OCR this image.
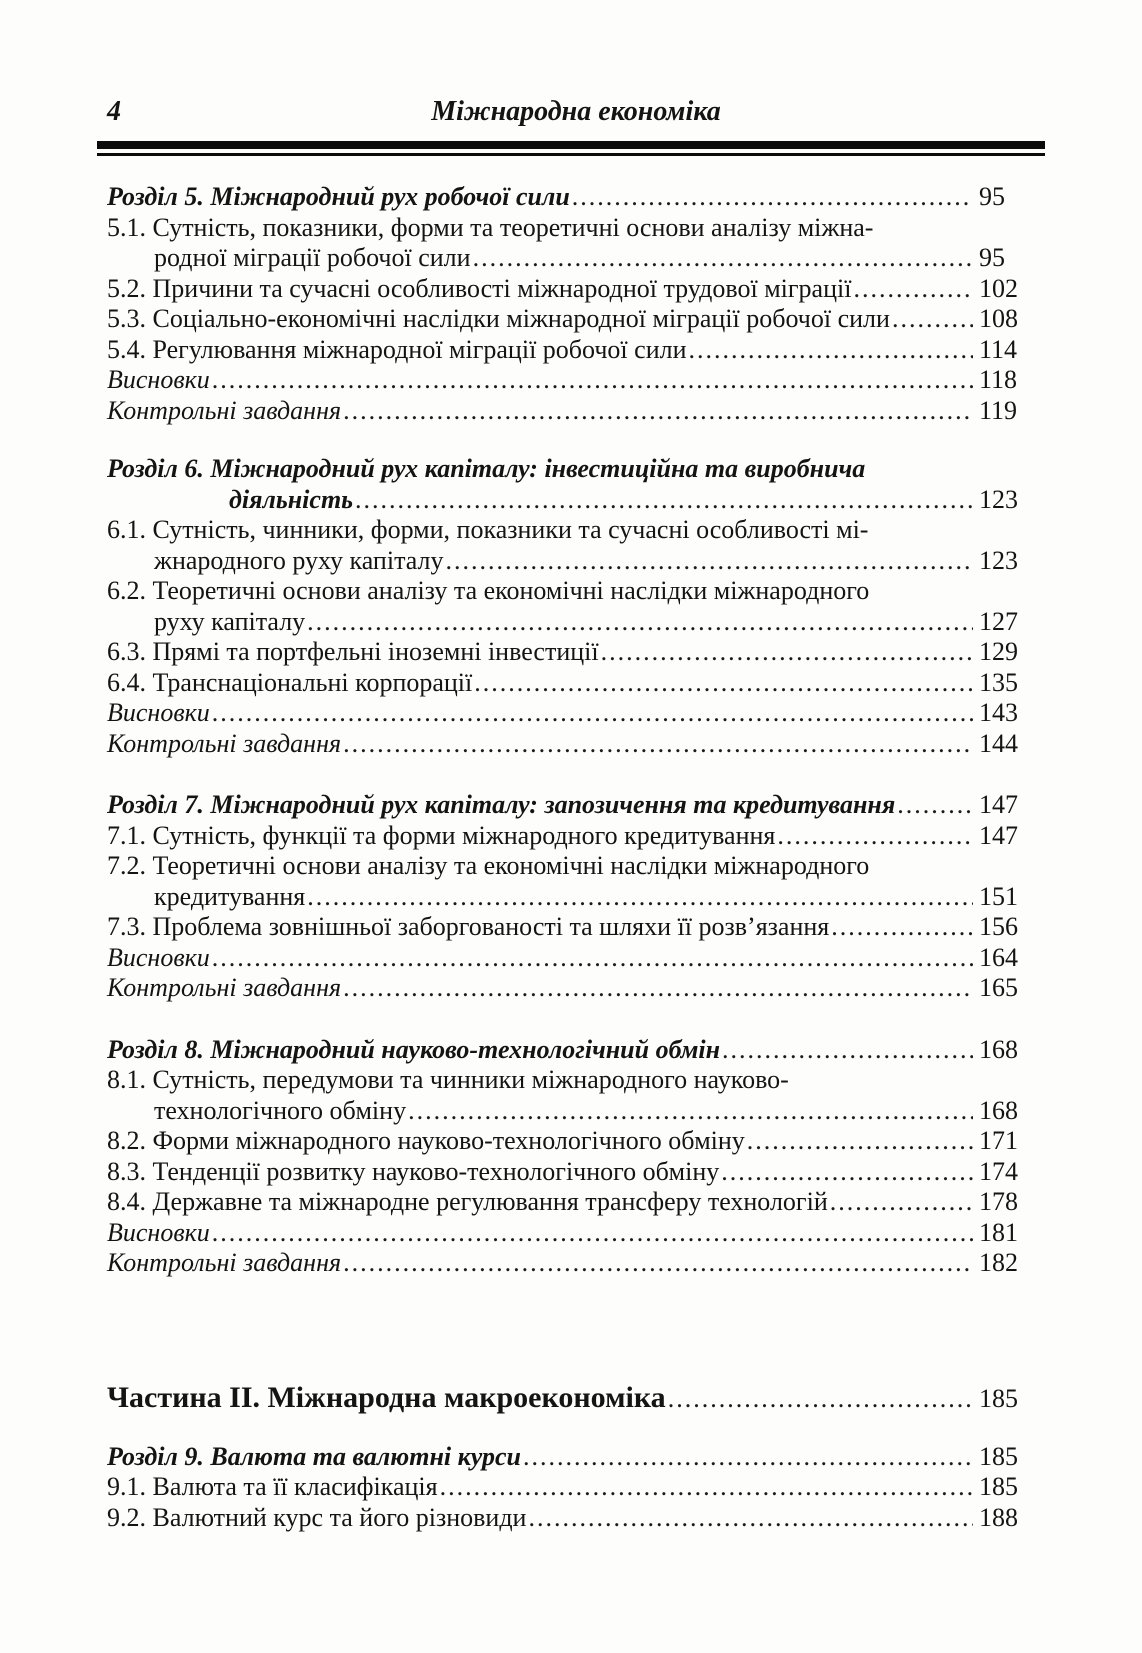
4	Міжнародна економіка
Розділ 5. Міжнародний рух робочої сили .....	95
5.1. Сутність, показники, форми та теоретичні основи аналізу міжна-
родної міграції робочої сили .....	95
5.2. Причини та сучасні особливості міжнародної трудової міграції .....	102
5.3. Соціально-економічні наслідки міжнародної міграції робочої сили .....	108
5.4. Регулювання міжнародної міграції робочої сили .....	114
Висновки .....	118
Контрольні завдання .....	119
Розділ 6. Міжнародний рух капіталу: інвестиційна та виробнича
діяльність .....	123
6.1. Сутність, чинники, форми, показники та сучасні особливості мі-
жнародного руху капіталу .....	123
6.2. Теоретичні основи аналізу та економічні наслідки міжнародного
руху капіталу .....	127
6.3. Прямі та портфельні іноземні інвестиції .....	129
6.4. Транснаціональні корпорації .....	135
Висновки .....	143
Контрольні завдання .....	144
Розділ 7. Міжнародний рух капіталу: запозичення та кредитування .....	147
7.1. Сутність, функції та форми міжнародного кредитування .....	147
7.2. Теоретичні основи аналізу та економічні наслідки міжнародного
кредитування .....	151
7.3. Проблема зовнішньої заборгованості та шляхи її розв’язання .....	156
Висновки .....	164
Контрольні завдання .....	165
Розділ 8. Міжнародний науково-технологічний обмін .....	168
8.1. Сутність, передумови та чинники міжнародного науково-
технологічного обміну .....	168
8.2. Форми міжнародного науково-технологічного обміну .....	171
8.3. Тенденції розвитку науково-технологічного обміну .....	174
8.4. Державне та міжнародне регулювання трансферу технологій .....	178
Висновки .....	181
Контрольні завдання .....	182
Частина II. Міжнародна макроекономіка .....	185
Розділ 9. Валюта та валютні курси .....	185
9.1. Валюта та її класифікація .....	185
9.2. Валютний курс та його різновиди .....	188
